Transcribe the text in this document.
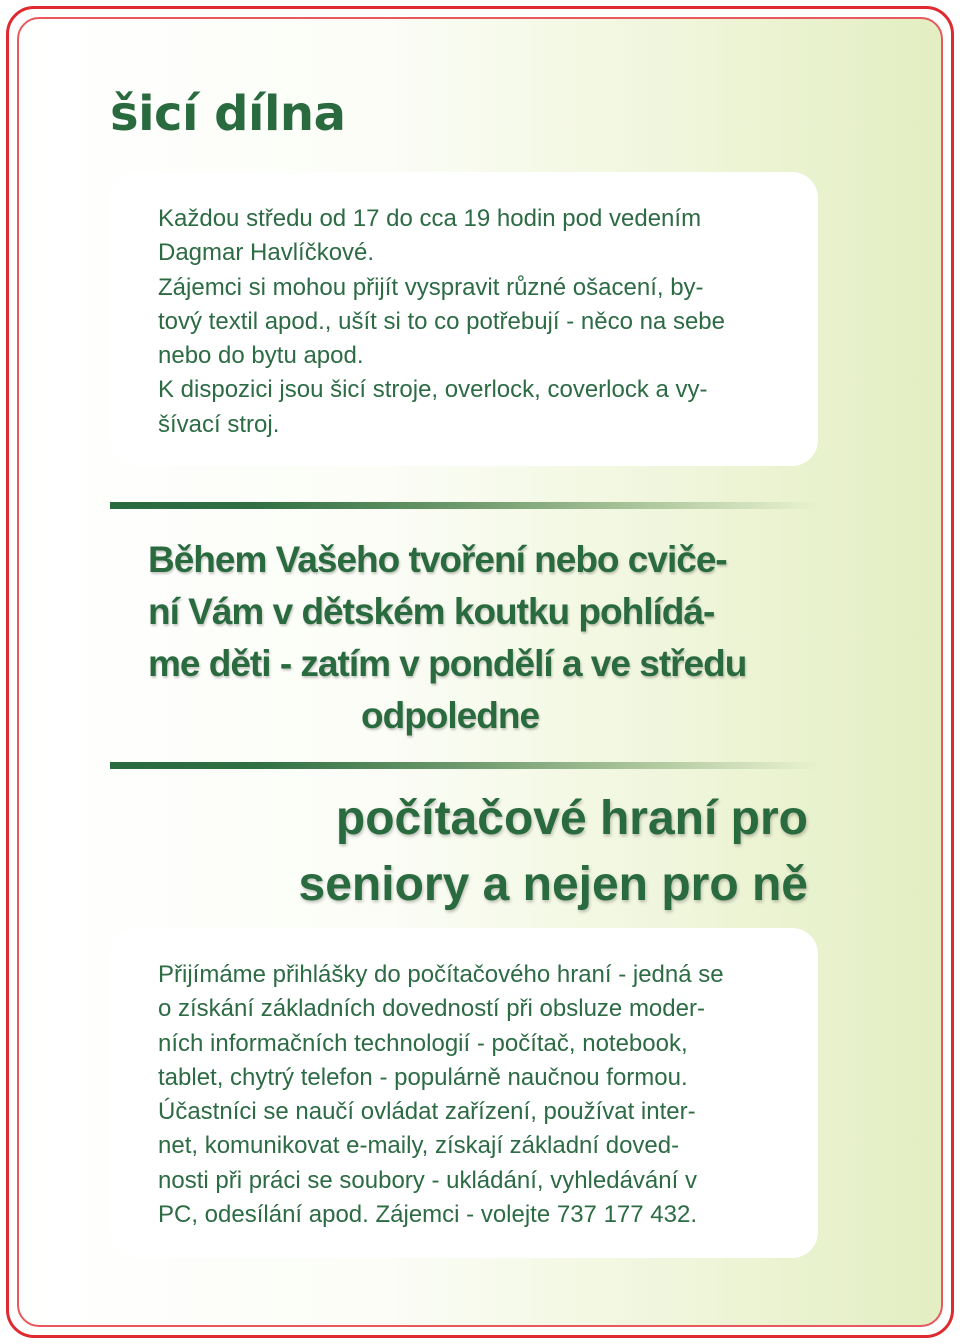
šicí dílna

Každou středu od 17 do cca 19 hodin pod vedením
Dagmar Havlíčkové.
Zájemci si mohou přijít vyspravit různé ošacení, by-
tový textil apod., ušít si to co potřebují - něco na sebe
nebo do bytu apod.
K dispozici jsou šicí stroje, overlock, coverlock a vy-
šívací stroj.

Během Vašeho tvoření nebo cviče-
ní Vám v dětském koutku pohlídá-
me děti - zatím v pondělí a ve středu
odpoledne

počítačové hraní pro
seniory a nejen pro ně

Přijímáme přihlášky do počítačového hraní - jedná se
o získání základních dovedností při obsluze moder-
ních informačních technologií - počítač, notebook,
tablet, chytrý telefon - populárně naučnou formou.
Účastníci se naučí ovládat zařízení, používat inter-
net, komunikovat e-maily, získají základní doved-
nosti při práci se soubory - ukládání, vyhledávání v
PC, odesílání apod. Zájemci - volejte 737 177 432.
